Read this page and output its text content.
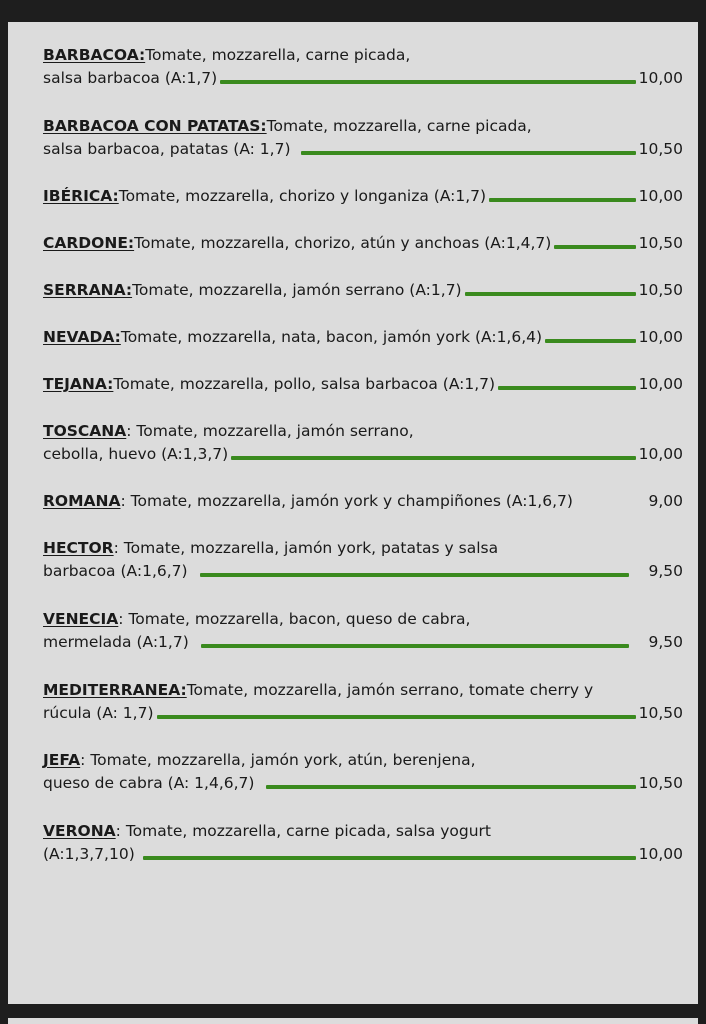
BARBACOA: Tomate, mozzarella, carne picada,
salsa barbacoa (A:1,7)	10,00
BARBACOA CON PATATAS: Tomate, mozzarella, carne picada,
salsa barbacoa, patatas (A: 1,7)	10,50
IBÉRICA: Tomate, mozzarella, chorizo y longaniza (A:1,7)	10,00
CARDONE: Tomate, mozzarella, chorizo, atún y anchoas (A:1,4,7)	10,50
SERRANA: Tomate, mozzarella, jamón serrano (A:1,7)	10,50
NEVADA: Tomate, mozzarella, nata, bacon, jamón york (A:1,6,4)	10,00
TEJANA: Tomate, mozzarella, pollo, salsa barbacoa (A:1,7)	10,00
TOSCANA : Tomate, mozzarella, jamón serrano,
cebolla, huevo (A:1,3,7)	10,00
ROMANA : Tomate, mozzarella, jamón york y champiñones (A:1,6,7)	9,00
HECTOR : Tomate, mozzarella, jamón york, patatas y salsa
barbacoa (A:1,6,7)	9,50
VENECIA : Tomate, mozzarella, bacon, queso de cabra,
mermelada (A:1,7)	9,50
MEDITERRANEA: Tomate, mozzarella, jamón serrano, tomate cherry y
rúcula (A: 1,7)	10,50
JEFA : Tomate, mozzarella, jamón york, atún, berenjena,
queso de cabra (A: 1,4,6,7)	10,50
VERONA : Tomate, mozzarella, carne picada, salsa yogurt
(A:1,3,7,10)	10,00
